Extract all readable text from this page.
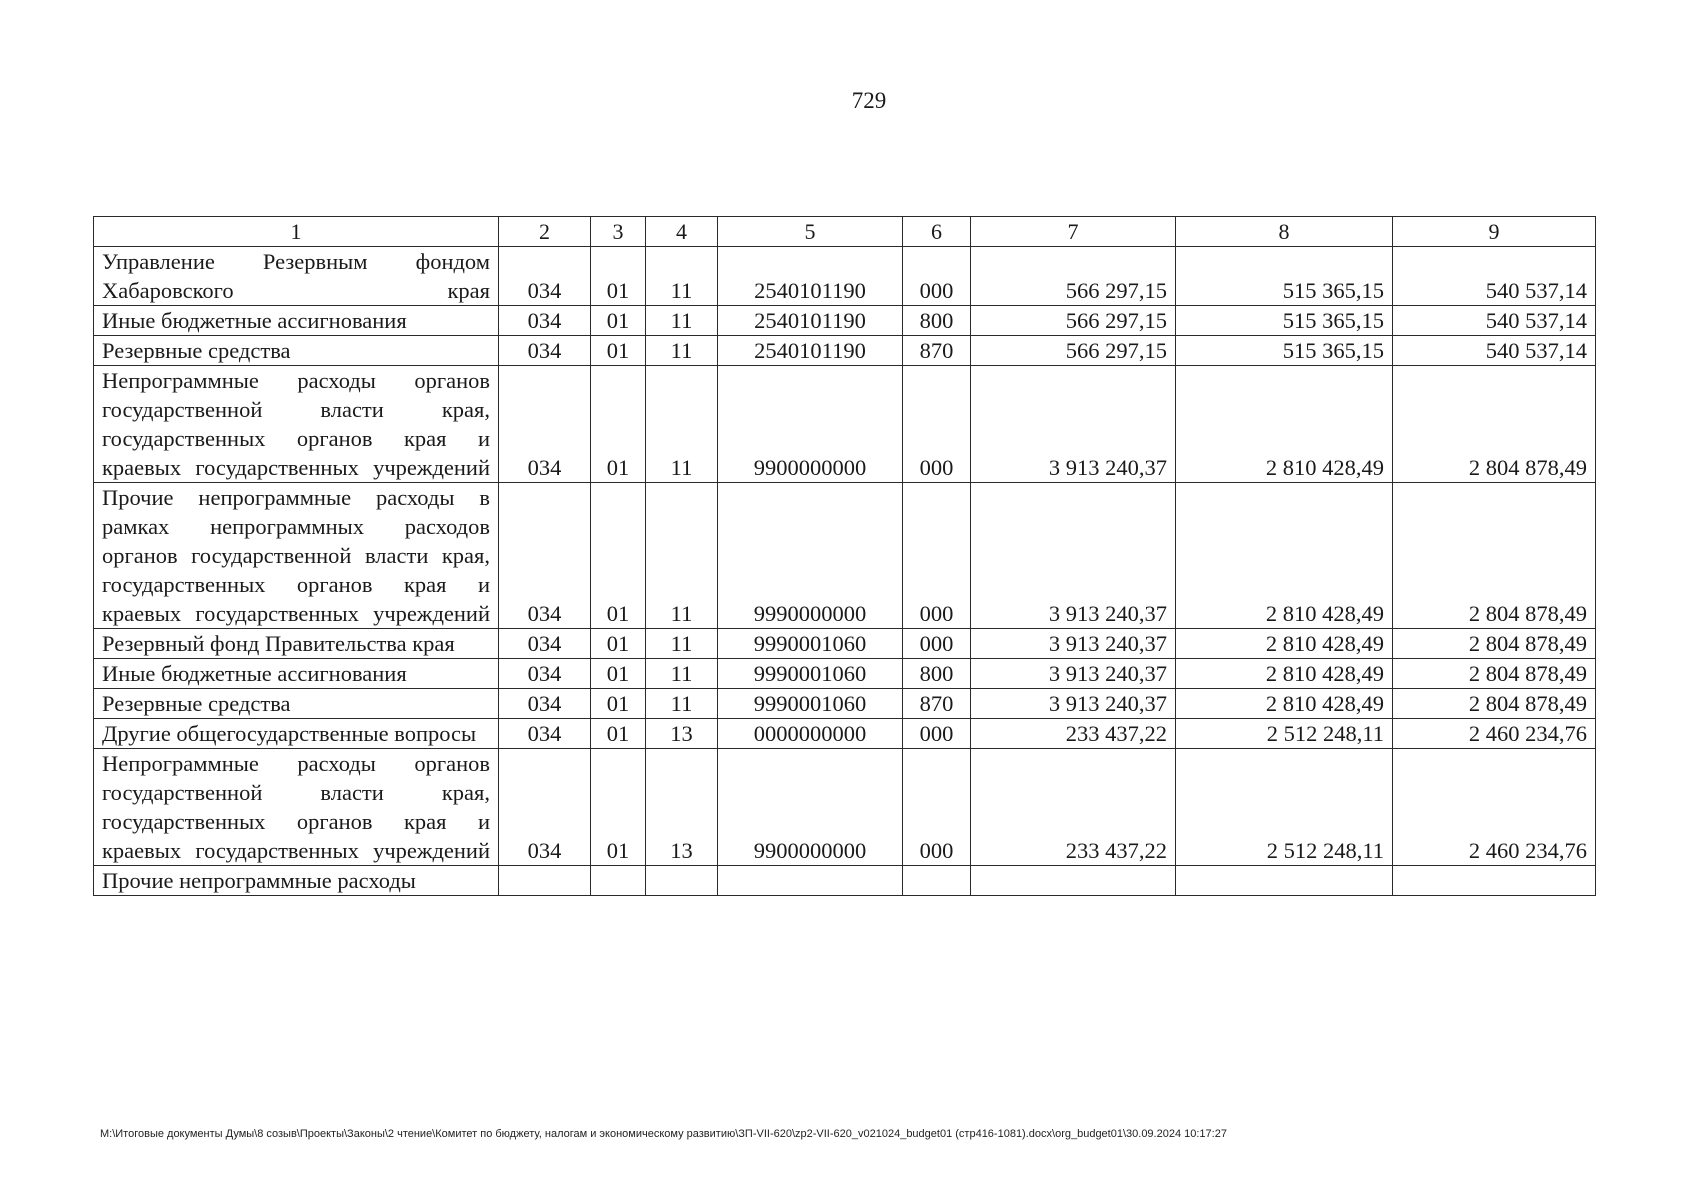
729
1	2	3	4	5	6	7	8	9
Управление Резервным фондом Хабаровского края	034	01	11	2540101190	000	566 297,15	515 365,15	540 537,14
Иные бюджетные ассигнования	034	01	11	2540101190	800	566 297,15	515 365,15	540 537,14
Резервные средства	034	01	11	2540101190	870	566 297,15	515 365,15	540 537,14
Непрограммные расходы органов государственной власти края, государственных органов края и краевых государственных учреждений	034	01	11	9900000000	000	3 913 240,37	2 810 428,49	2 804 878,49
Прочие непрограммные расходы в рамках непрограммных расходов органов государственной власти края, государственных органов края и краевых государственных учреждений	034	01	11	9990000000	000	3 913 240,37	2 810 428,49	2 804 878,49
Резервный фонд Правительства края	034	01	11	9990001060	000	3 913 240,37	2 810 428,49	2 804 878,49
Иные бюджетные ассигнования	034	01	11	9990001060	800	3 913 240,37	2 810 428,49	2 804 878,49
Резервные средства	034	01	11	9990001060	870	3 913 240,37	2 810 428,49	2 804 878,49
Другие общегосударственные вопросы	034	01	13	0000000000	000	233 437,22	2 512 248,11	2 460 234,76
Непрограммные расходы органов государственной власти края, государственных органов края и краевых государственных учреждений	034	01	13	9900000000	000	233 437,22	2 512 248,11	2 460 234,76
Прочие непрограммные расходы								
M:\Итоговые документы Думы\8 созыв\Проекты\Законы\2 чтение\Комитет по бюджету, налогам и экономическому развитию\ЗП-VII-620\zp2-VII-620_v021024_budget01 (стр416-1081).docx\org_budget01\30.09.2024 10:17:27
